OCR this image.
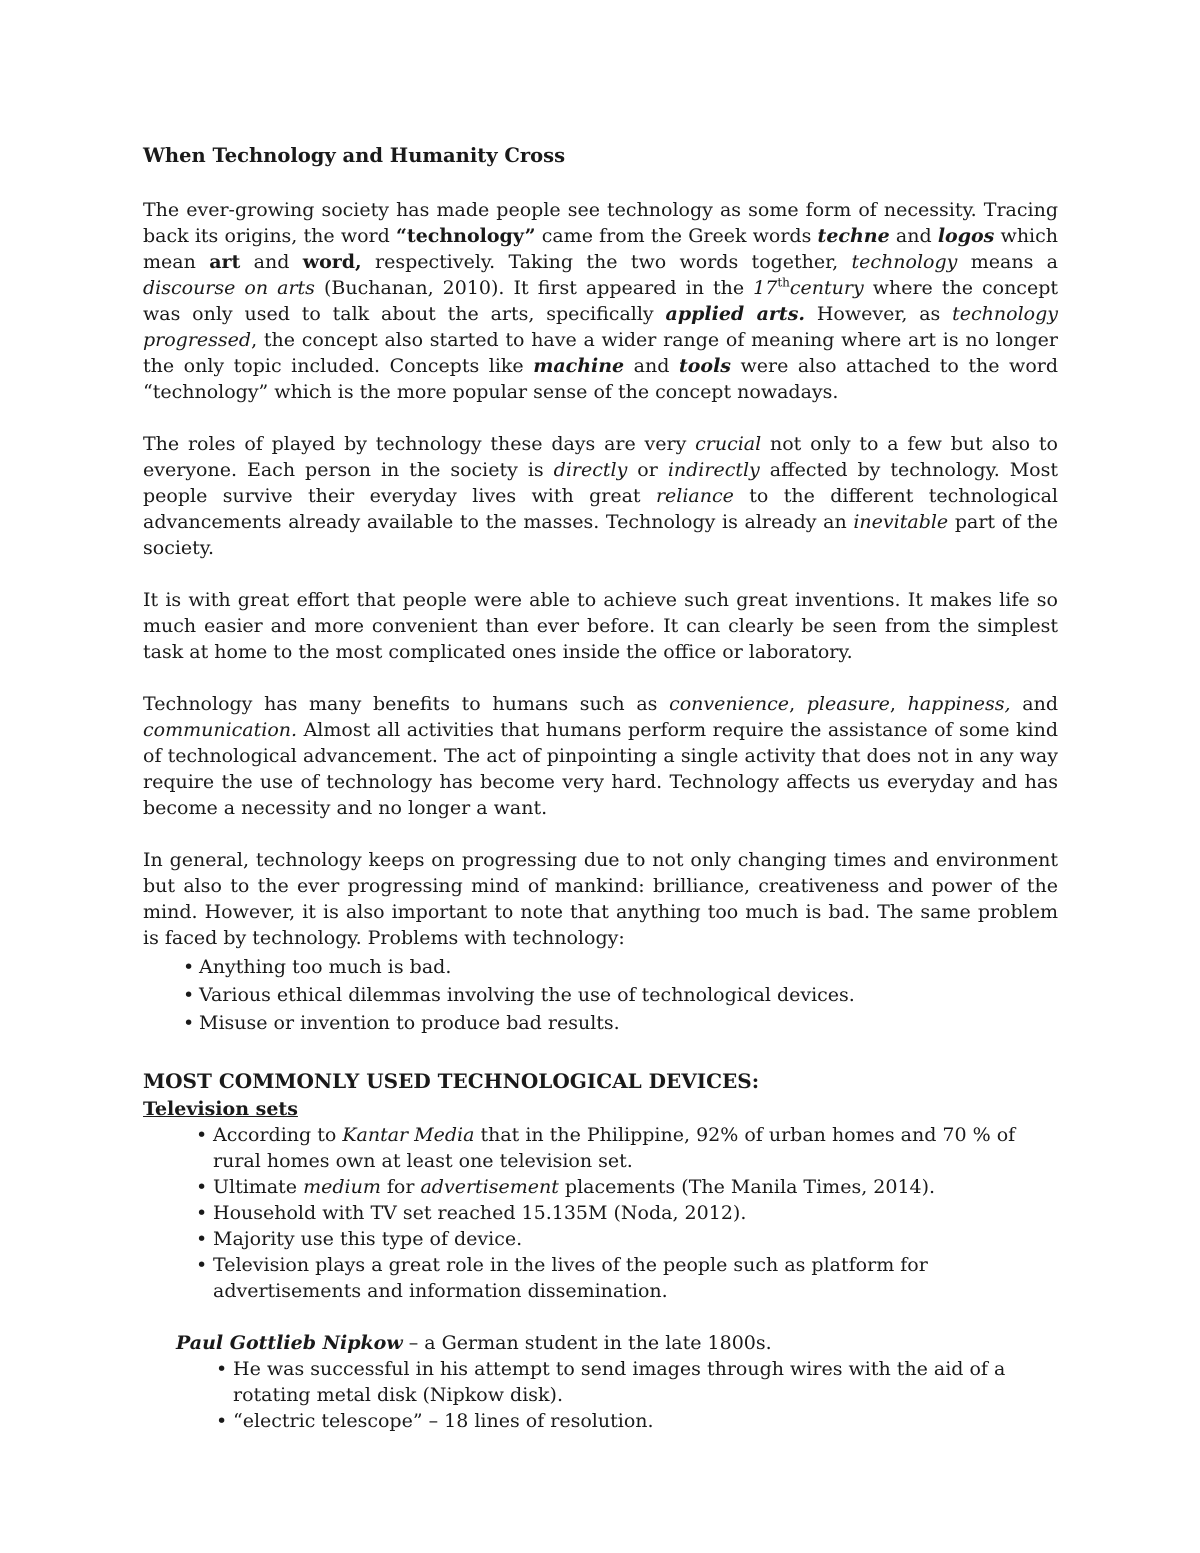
When Technology and Humanity Cross

The ever-growing society has made people see technology as some form of necessity. Tracing back its origins, the word “technology” came from the Greek words techne and logos which mean art and word, respectively. Taking the two words together, technology means a discourse on arts (Buchanan, 2010). It first appeared in the 17thcentury where the concept was only used to talk about the arts, specifically applied arts. However, as technology progressed, the concept also started to have a wider range of meaning where art is no longer the only topic included. Concepts like machine and tools were also attached to the word “technology” which is the more popular sense of the concept nowadays.

The roles of played by technology these days are very crucial not only to a few but also to everyone. Each person in the society is directly or indirectly affected by technology. Most people survive their everyday lives with great reliance to the different technological advancements already available to the masses. Technology is already an inevitable part of the society.

It is with great effort that people were able to achieve such great inventions. It makes life so much easier and more convenient than ever before. It can clearly be seen from the simplest task at home to the most complicated ones inside the office or laboratory.

Technology has many benefits to humans such as convenience, pleasure, happiness, and communication. Almost all activities that humans perform require the assistance of some kind of technological advancement. The act of pinpointing a single activity that does not in any way require the use of technology has become very hard. Technology affects us everyday and has become a necessity and no longer a want.

In general, technology keeps on progressing due to not only changing times and environment but also to the ever progressing mind of mankind: brilliance, creativeness and power of the mind. However, it is also important to note that anything too much is bad. The same problem is faced by technology. Problems with technology:

• Anything too much is bad.
• Various ethical dilemmas involving the use of technological devices.
• Misuse or invention to produce bad results.
MOST COMMONLY USED TECHNOLOGICAL DEVICES:
Television sets
• According to Kantar Media that in the Philippine, 92% of urban homes and 70 % of rural homes own at least one television set.
• Ultimate medium for advertisement placements (The Manila Times, 2014).
• Household with TV set reached 15.135M (Noda, 2012).
• Majority use this type of device.
• Television plays a great role in the lives of the people such as platform for advertisements and information dissemination.
Paul Gottlieb Nipkow – a German student in the late 1800s.
• He was successful in his attempt to send images through wires with the aid of a rotating metal disk (Nipkow disk).
• “electric telescope” – 18 lines of resolution.
